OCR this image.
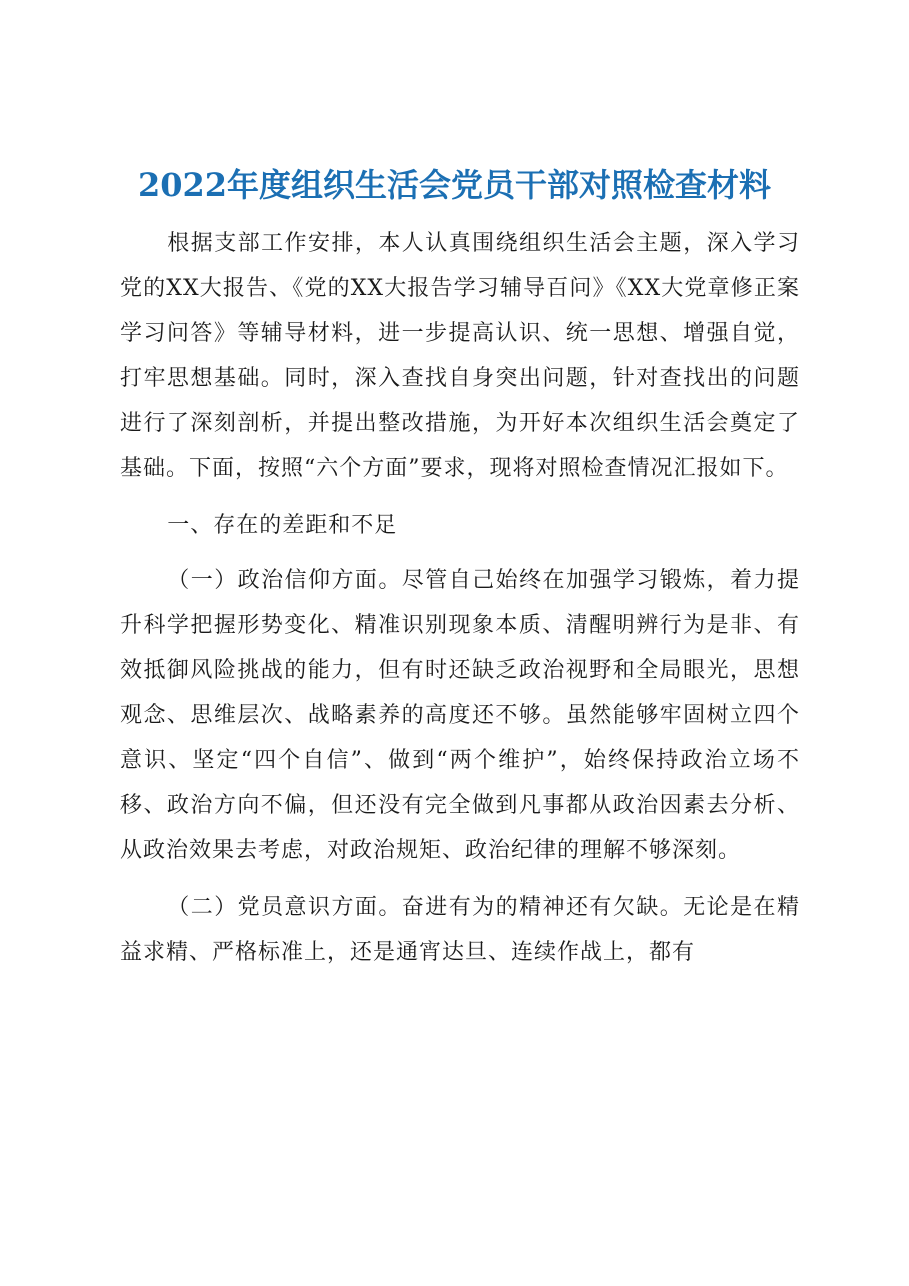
2022年度组织生活会党员干部对照检查材料

根据支部工作安排，本人认真围绕组织生活会主题，深入学习党的XX大报告、《党的XX大报告学习辅导百问》《XX大党章修正案学习问答》等辅导材料，进一步提高认识、统一思想、增强自觉，打牢思想基础。同时，深入查找自身突出问题，针对查找出的问题进行了深刻剖析，并提出整改措施，为开好本次组织生活会奠定了基础。下面，按照“六个方面”要求，现将对照检查情况汇报如下。

一、存在的差距和不足

（一）政治信仰方面。尽管自己始终在加强学习锻炼，着力提升科学把握形势变化、精准识别现象本质、清醒明辨行为是非、有效抵御风险挑战的能力，但有时还缺乏政治视野和全局眼光，思想观念、思维层次、战略素养的高度还不够。虽然能够牢固树立四个意识、坚定“四个自信”、做到“两个维护”，始终保持政治立场不移、政治方向不偏，但还没有完全做到凡事都从政治因素去分析、从政治效果去考虑，对政治规矩、政治纪律的理解不够深刻。

（二）党员意识方面。奋进有为的精神还有欠缺。无论是在精益求精、严格标准上，还是通宵达旦、连续作战上，都有
